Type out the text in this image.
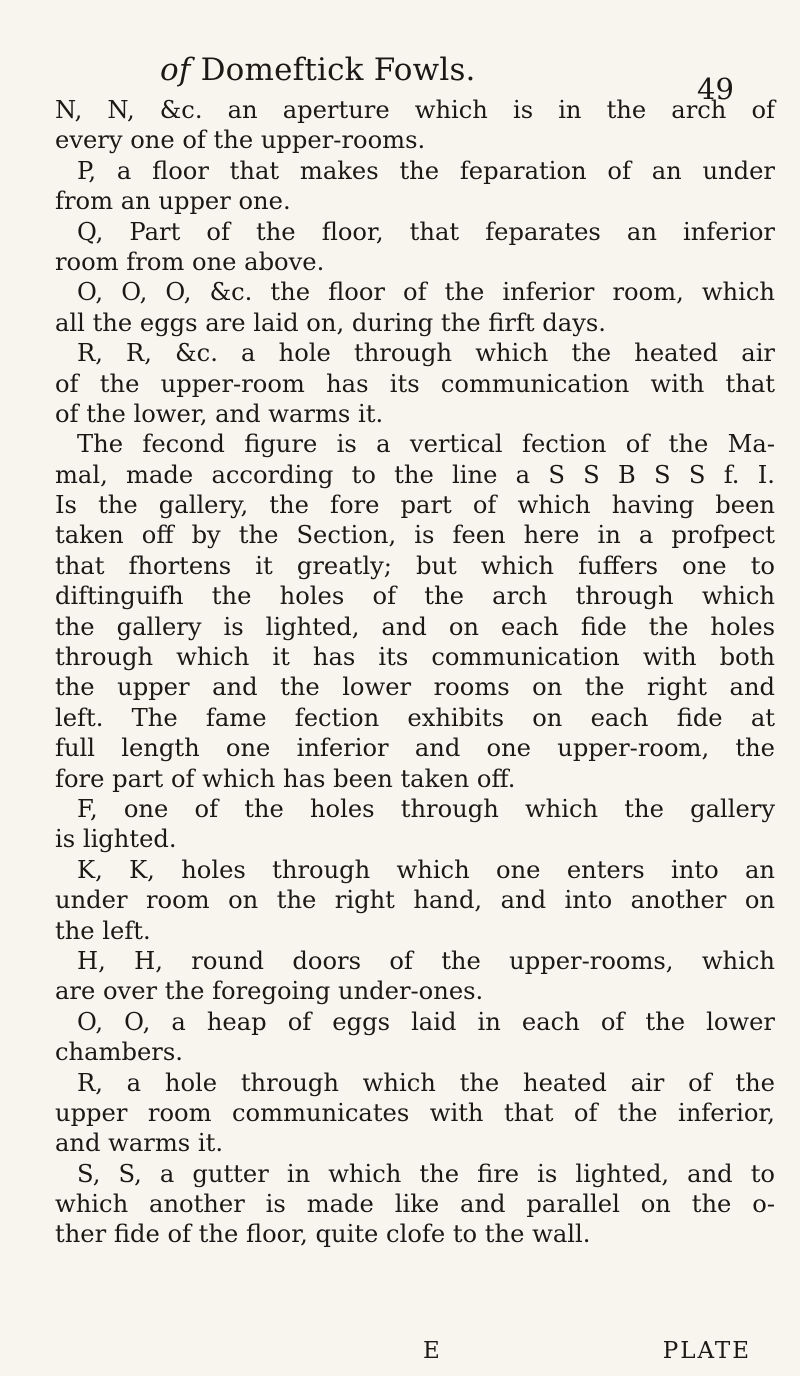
of Domeftick Fowls.
49
N, N, &c. an aperture which is in the arch of
every one of the upper-rooms.
P, a floor that makes the feparation of an under
from an upper one.
Q, Part of the floor, that feparates an inferior
room from one above.
O, O, O, &c. the floor of the inferior room, which
all the eggs are laid on, during the firft days.
R, R, &c. a hole through which the heated air
of the upper-room has its communication with that
of the lower, and warms it.
The fecond figure is a vertical fection of the Ma-
mal, made according to the line a S S B S S f. I.
Is the gallery, the fore part of which having been
taken off by the Section, is feen here in a profpect
that fhortens it greatly; but which fuffers one to
diftinguifh the holes of the arch through which
the gallery is lighted, and on each fide the holes
through which it has its communication with both
the upper and the lower rooms on the right and
left. The fame fection exhibits on each fide at
full length one inferior and one upper-room, the
fore part of which has been taken off.
F, one of the holes through which the gallery
is lighted.
K, K, holes through which one enters into an
under room on the right hand, and into another on
the left.
H, H, round doors of the upper-rooms, which
are over the foregoing under-ones.
O, O, a heap of eggs laid in each of the lower
chambers.
R, a hole through which the heated air of the
upper room communicates with that of the inferior,
and warms it.
S, S, a gutter in which the fire is lighted, and to
which another is made like and parallel on the o-
ther fide of the floor, quite clofe to the wall.
E	PLATE
